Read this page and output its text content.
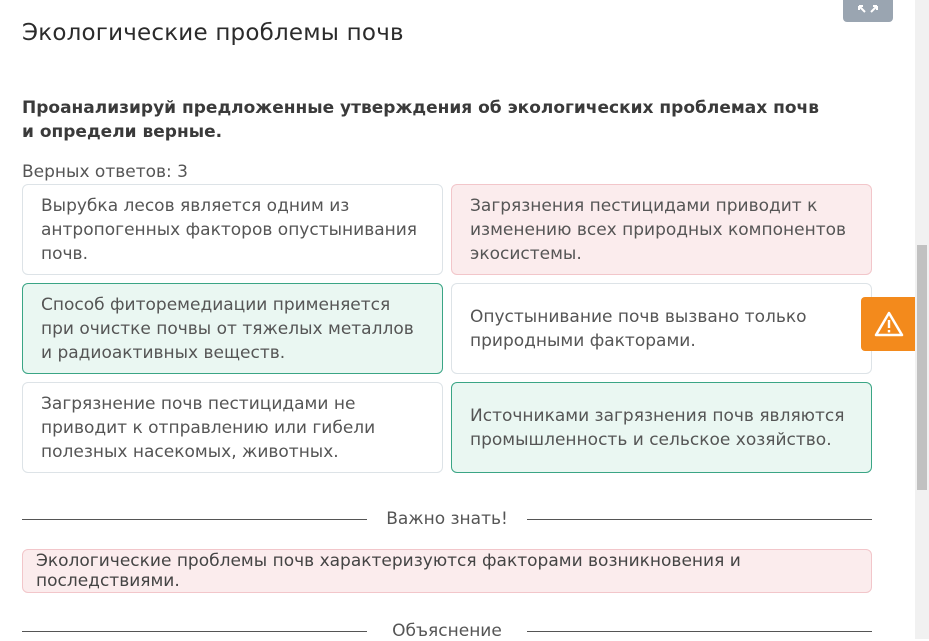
Экологические проблемы почв
Проанализируй предложенные утверждения об экологических проблемах почв и определи верные.
Верных ответов: 3
Вырубка лесов является одним из антропогенных факторов опустынивания почв.
Загрязнения пестицидами приводит к изменению всех природных компонентов экосистемы.
Способ фиторемедиации применяется при очистке почвы от тяжелых металлов и радиоактивных веществ.
Опустынивание почв вызвано только природными факторами.
Загрязнение почв пестицидами не приводит к отправлению или гибели полезных насекомых, животных.
Источниками загрязнения почв являются промышленность и сельское хозяйство.
Важно знать!
Экологические проблемы почв характеризуются факторами возникновения и последствиями.
Объяснение
